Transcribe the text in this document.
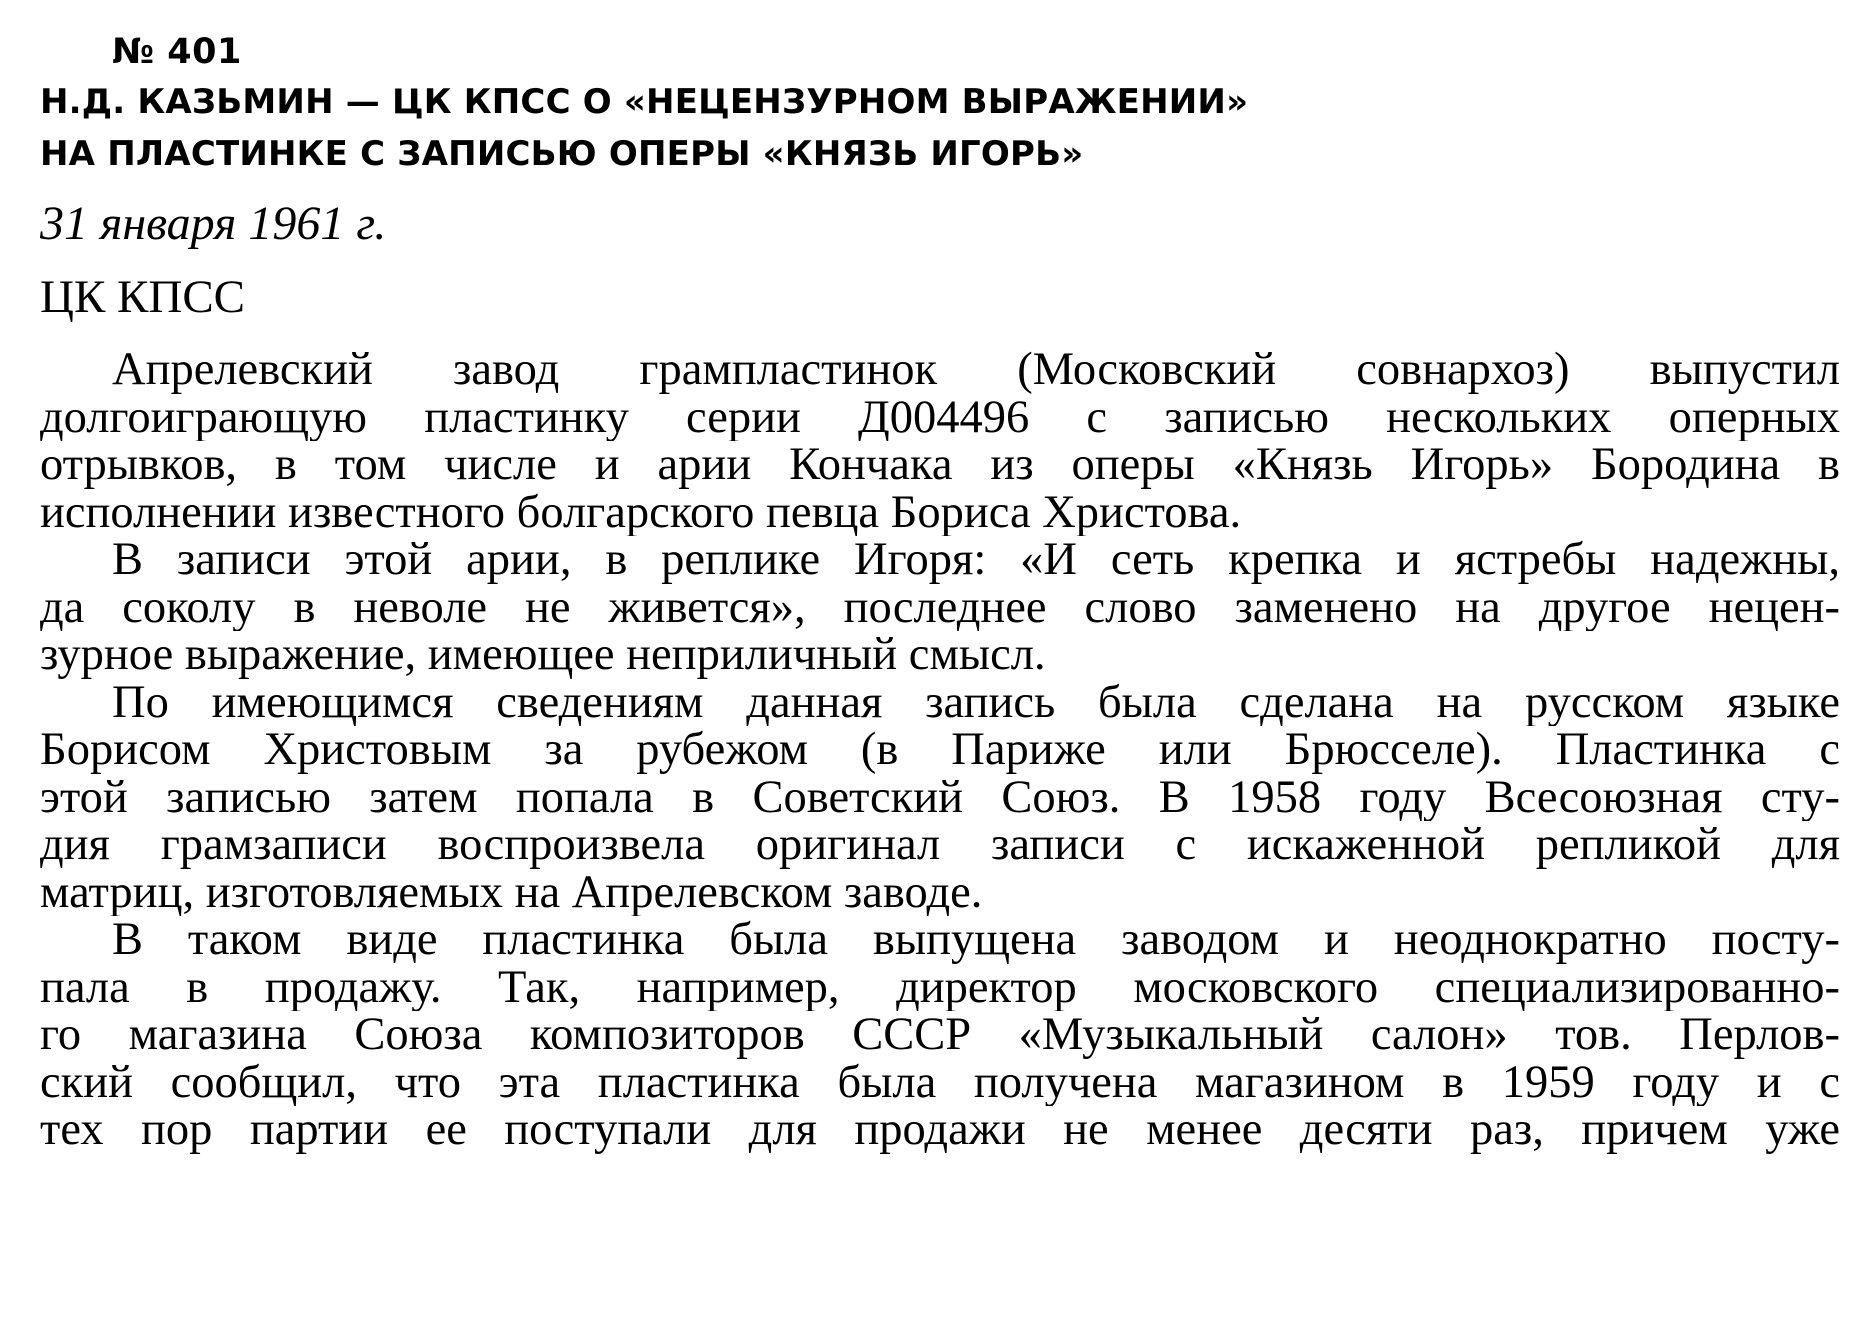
№ 401
Н.Д. КАЗЬМИН — ЦК КПСС О «НЕЦЕНЗУРНОМ ВЫРАЖЕНИИ»
НА ПЛАСТИНКЕ С ЗАПИСЬЮ ОПЕРЫ «КНЯЗЬ ИГОРЬ»
31 января 1961 г.
ЦК КПСС

Апрелевский завод грампластинок (Московский совнархоз) выпустил
долгоиграющую пластинку серии Д004496 с записью нескольких оперных
отрывков, в том числе и арии Кончака из оперы «Князь Игорь» Бородина в
исполнении известного болгарского певца Бориса Христова.

В записи этой арии, в реплике Игоря: «И сеть крепка и ястребы надежны,
да соколу в неволе не живется», последнее слово заменено на другое нецен-
зурное выражение, имеющее неприличный смысл.

По имеющимся сведениям данная запись была сделана на русском языке
Борисом Христовым за рубежом (в Париже или Брюсселе). Пластинка с
этой записью затем попала в Советский Союз. В 1958 году Всесоюзная сту-
дия грамзаписи воспроизвела оригинал записи с искаженной репликой для
матриц, изготовляемых на Апрелевском заводе.

В таком виде пластинка была выпущена заводом и неоднократно посту-
пала в продажу. Так, например, директор московского специализированно-
го магазина Союза композиторов СССР «Музыкальный салон» тов. Перлов-
ский сообщил, что эта пластинка была получена магазином в 1959 году и с
тех пор партии ее поступали для продажи не менее десяти раз, причем уже
